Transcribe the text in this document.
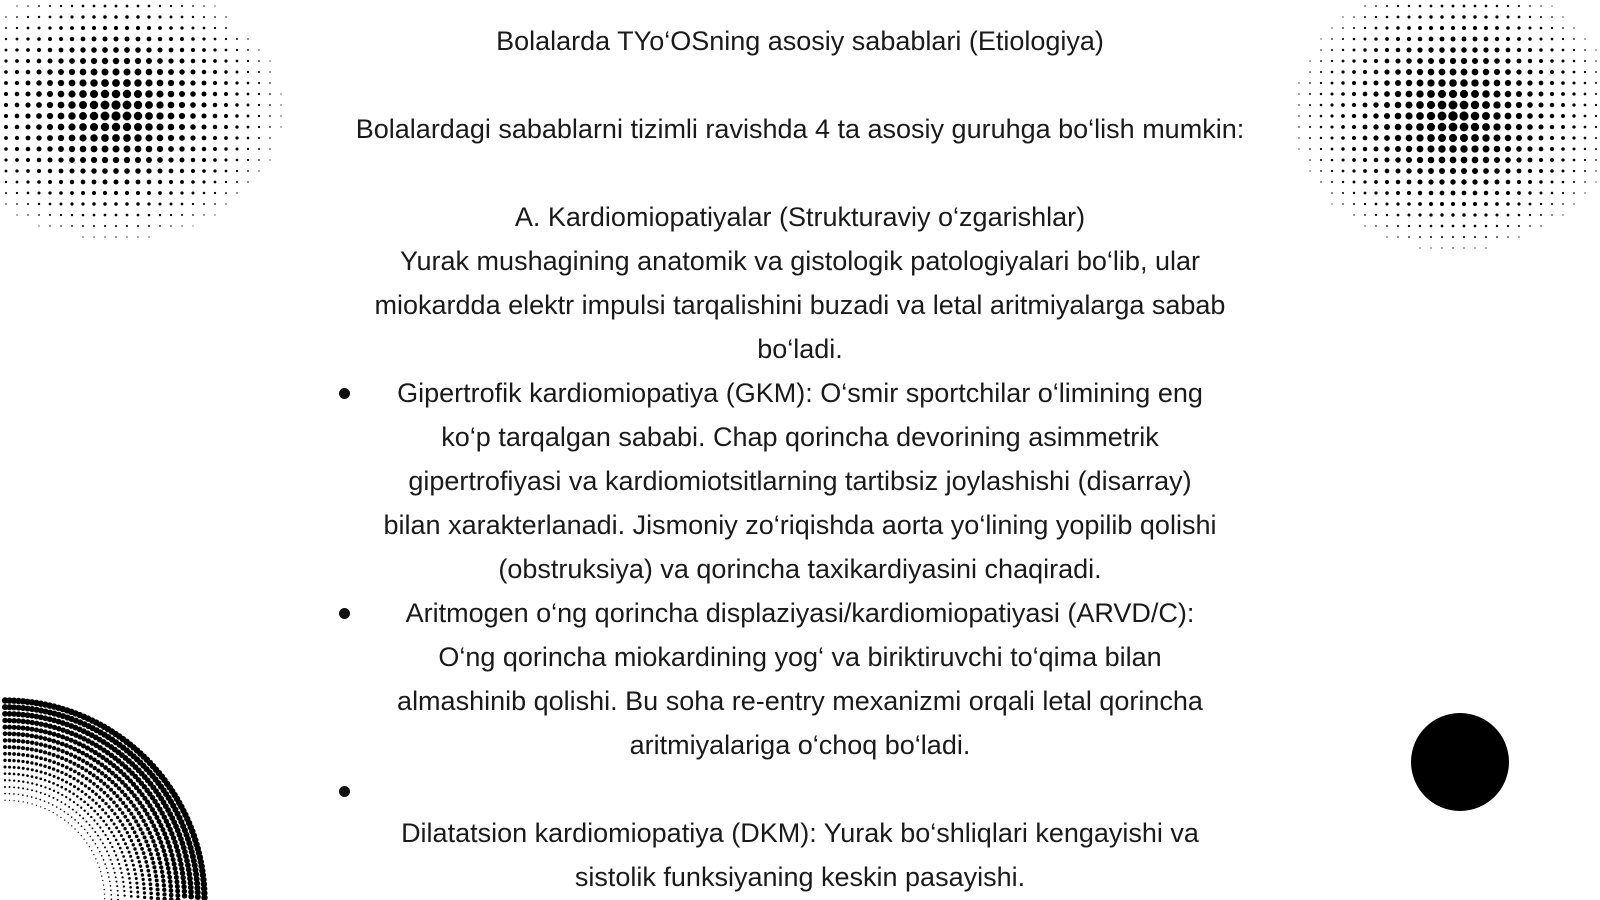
Bolalarda TYo‘OSning asosiy sabablari (Etiologiya)
Bolalardagi sabablarni tizimli ravishda 4 ta asosiy guruhga bo‘lish mumkin:
A. Kardiomiopatiyalar (Strukturaviy o‘zgarishlar)
Yurak mushagining anatomik va gistologik patologiyalari bo‘lib, ular
miokardda elektr impulsi tarqalishini buzadi va letal aritmiyalarga sabab
bo‘ladi.
Gipertrofik kardiomiopatiya (GKM): O‘smir sportchilar o‘limining eng
ko‘p tarqalgan sababi. Chap qorincha devorining asimmetrik
gipertrofiyasi va kardiomiotsitlarning tartibsiz joylashishi (disarray)
bilan xarakterlanadi. Jismoniy zo‘riqishda aorta yo‘lining yopilib qolishi
(obstruksiya) va qorincha taxikardiyasini chaqiradi.
Aritmogen o‘ng qorincha displaziyasi/kardiomiopatiyasi (ARVD/C):
O‘ng qorincha miokardining yog‘ va biriktiruvchi to‘qima bilan
almashinib qolishi. Bu soha re-entry mexanizmi orqali letal qorincha
aritmiyalariga o‘choq bo‘ladi.
Dilatatsion kardiomiopatiya (DKM): Yurak bo‘shliqlari kengayishi va
sistolik funksiyaning keskin pasayishi.
